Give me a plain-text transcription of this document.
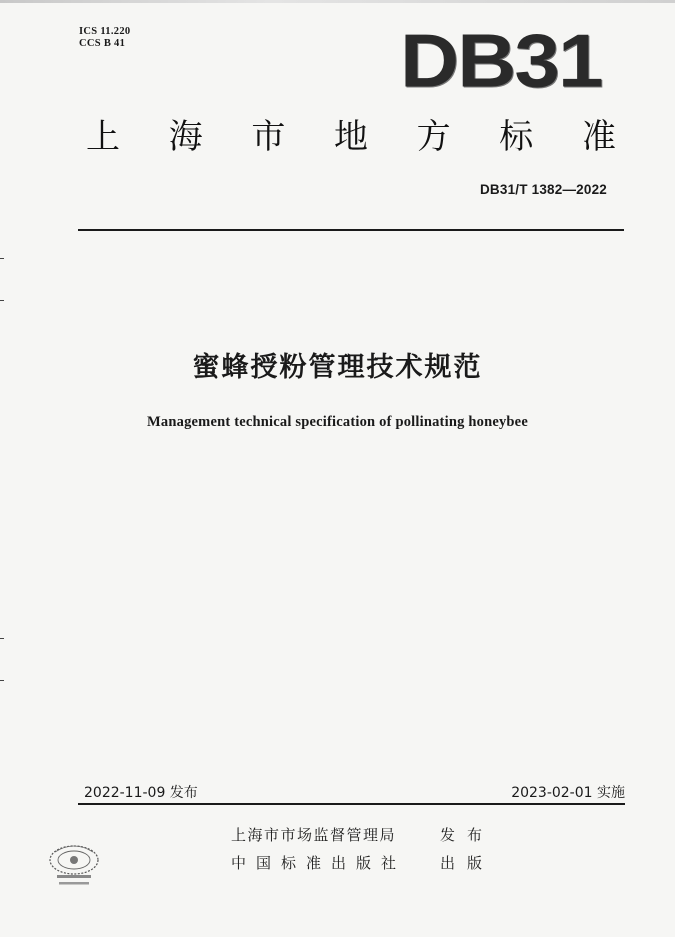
ICS 11.220
CCS B 41	DB31
上 海 市 地 方 标 准
DB31/T 1382—2022
蜜蜂授粉管理技术规范
Management technical specification of pollinating honeybee
2022-11-09 发布	2023-02-01 实施
上海市市场监督管理局	发布
中国标准出版社 出版
